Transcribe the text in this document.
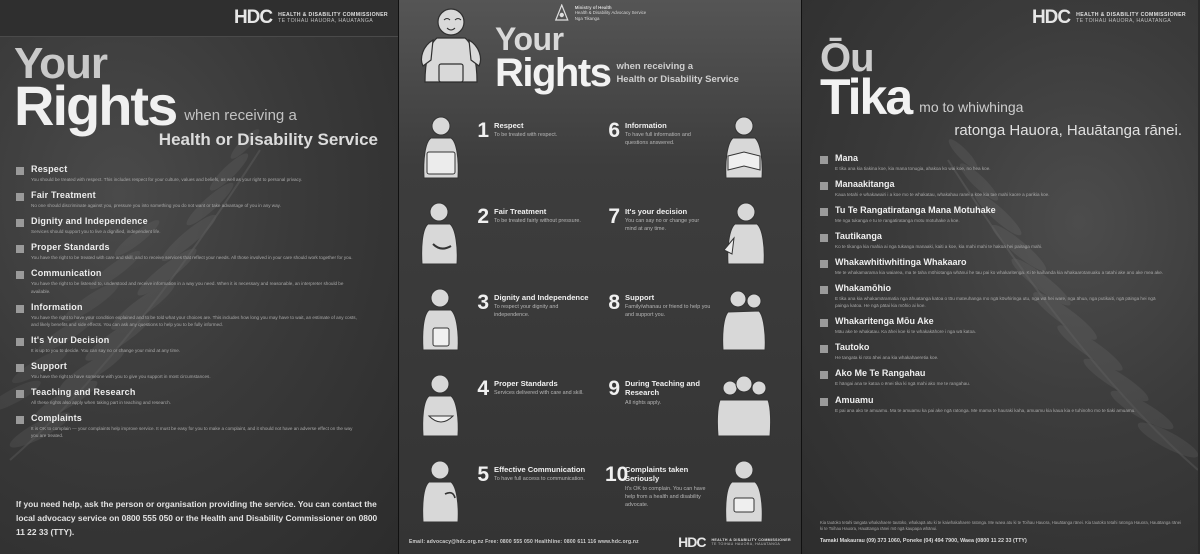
HDC HEALTH & DISABILITY COMMISSIONER
TE TOIHAU HAUORA, HAUATANGA
Your
Rights when receiving a
Health or Disability Service
Respect
You should be treated with respect. This includes respect for your culture, values and beliefs, as well as your right to personal privacy.
Fair Treatment
No one should discriminate against you, pressure you into something you do not want or take advantage of you in any way.
Dignity and Independence
Services should support you to live a dignified, independent life.
Proper Standards
You have the right to be treated with care and skill, and to receive services that reflect your needs. All those involved in your care should work together for you.
Communication
You have the right to be listened to, understood and receive information in a way you need. When it is necessary and reasonable, an interpreter should be available.
Information
You have the right to have your condition explained and to be told what your choices are. This includes how long you may have to wait, an estimate of any costs, and likely benefits and side effects. You can ask any questions to help you to be fully informed.
It's Your Decision
It is up to you to decide. You can say no or change your mind at any time.
Support
You have the right to have someone with you to give you support in most circumstances.
Teaching and Research
All these rights also apply when taking part in teaching and research.
Complaints
It is OK to complain — your complaints help improve service. It must be easy for you to make a complaint, and it should not have an adverse effect on the way you are treated.
If you need help, ask the person or organisation providing the service. You can contact the local advocacy service on 0800 555 050 or the Health and Disability Commissioner on 0800 11 22 33 (TTY).
Ministry of Health
Health & Disability Advocacy Service
Nga Tikanga
Your
Rights when receiving a
Health or Disability Service
1 Respect
To be treated with respect. 6 Information
To have full information and questions answered.
2 Fair Treatment
To be treated fairly without pressure. 7 It's your decision
You can say no or change your mind at any time.
3 Dignity and Independence
To respect your dignity and independence.
8 Support
Family/whanau or friend to help you and support you.
4 Proper Standards
Services delivered with care and skill. 9 During Teaching and Research
All rights apply.
5 Effective Communication
To have full access to communication. 10
Complaints taken Seriously
It's OK to complain. You can have help from a health and disability advocate.
Email: advocacy@hdc.org.nz Free: 0800 555 050 Healthline: 0800 611 116 www.hdc.org.nz	HDC HEALTH & DISABILITY COMMISSIONER
TE TOIHAU HAUORA, HAUATANGA
HDC HEALTH & DISABILITY COMMISSIONER
TE TOIHAU HAUORA, HAUATANGA
Ōu
Tika mo to whiwhinga
ratonga Hauora, Hauātanga rānei.
Mana
E tika ana kia tiakina koe, kia mana tonugia, ahakoa ko wai koe, no hea koe.
Manaakitanga
Kaua tetahi e whakawairi i a koe mo te whakatau, whakahau ranei a koe kia tae mahi kaore a parikia koe.
Tu Te Rangatiratanga Mana Motuhake
Me nga tukanga e tu te rangatiratanga motu motuhake a koe.
Tautikanga
Ko te tikanga kia mahia ai nga tukanga manaaki, kaiti a koe, kia mahi mahi te hakoa hei pairaga mahi.
Whakawhitiwhitinga Whakaaro
Me te whakamarama kia waiarea, ma te taha mōhiotanga whānui he tau pai ko whakaritenga. Ki te kaihanda kia whakaarotanuaku a tatahi ake ano ake mea ake.
Whakamōhio
E tika ana kia whakamāramatia nga āhuatanga katoa o tōu mateuhanga mo ngā kōwhiringa utu, nga wā hei ware, nga āhua, nga putikaiti, ngā pāinga hei ngā painga katoa. He ngā pātai kia mōhio ai koe.
Whakaritenga Mōu Ake
Māu ake te whakatau. Ka āhei koe ki te whakakāhore i nga wā katoa.
Tautoko
He tangata ki roto āhei ana kia whakahaeretia koe.
Ako Me Te Rangahau
E hāngai ana te katoa o ēnei tika ki ngā mahi ako me te rangahau.
Amuamu
E pai ana ako te amuamu. Ma te amuamu ka pai ake ngā ratonga. Me mama te hauraki kaha, amuamu kia kaua kia e tuhinoho mo te tiaki amuamu.

Kia tautoko tetahi tangata whakahaere tautoko, whakapā atu ki te kaiwhakahaere ratonga. Me waea atu ki te Toihau Hauora, Hauātanga rānei. Kia tautoko tetahi ratonga Hauora, Hauātanga rānei ki te Toihau Hauora, Hauātanga rānei mō ngā kaupapa whānui.

Tamaki Makaurau (09) 373 1060, Poneke (04) 494 7900, Waea (0800 11 22 33 (TTY)
